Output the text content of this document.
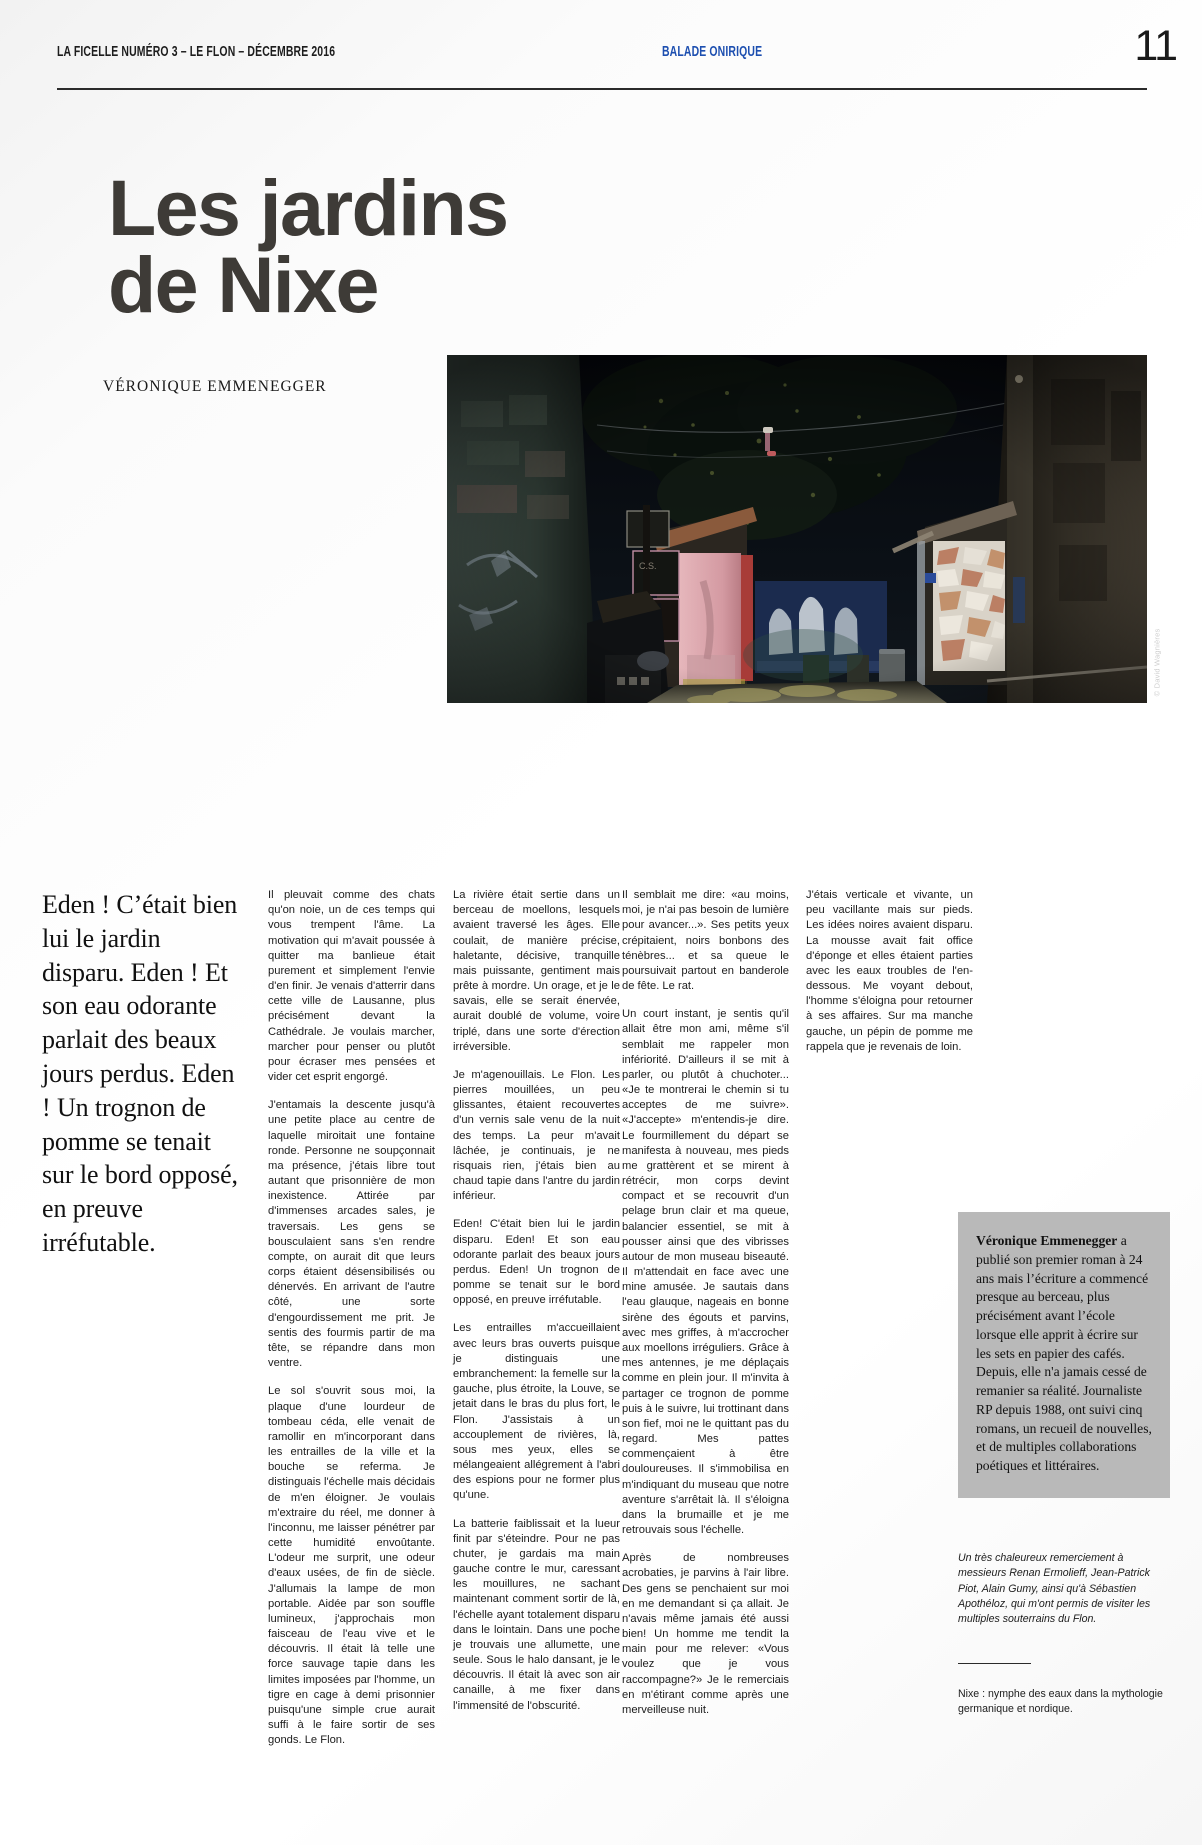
LA FICELLE NUMÉRO 3 – LE FLON – DÉCEMBRE 2016	BALADE ONIRIQUE	11
Les jardins
de Nixe
VÉRONIQUE EMMENEGGER
© David Wagnières
Eden ! C’était bien lui le jardin disparu. Eden ! Et son eau odorante parlait des beaux jours perdus. Eden ! Un trognon de pomme se tenait sur le bord opposé, en preuve irréfutable.

Il pleuvait comme des chats qu'on noie, un de ces temps qui vous trempent l'âme. La motivation qui m'avait poussée à quitter ma banlieue était purement et simplement l'envie d'en finir. Je venais d'atterrir dans cette ville de Lausanne, plus précisément devant la Cathédrale. Je voulais marcher, marcher pour penser ou plutôt pour écraser mes pensées et vider cet esprit engorgé.

J'entamais la descente jusqu'à une petite place au centre de laquelle miroitait une fontaine ronde. Personne ne soupçonnait ma présence, j'étais libre tout autant que prisonnière de mon inexistence. Attirée par d'immenses arcades sales, je traversais. Les gens se bousculaient sans s'en rendre compte, on aurait dit que leurs corps étaient désensibilisés ou dénervés. En arrivant de l'autre côté, une sorte d'engourdissement me prit. Je sentis des fourmis partir de ma tête, se répandre dans mon ventre.

Le sol s'ouvrit sous moi, la plaque d'une lourdeur de tombeau céda, elle venait de ramollir en m'incorporant dans les entrailles de la ville et la bouche se referma. Je distinguais l'échelle mais décidais de m'en éloigner. Je voulais m'extraire du réel, me donner à l'inconnu, me laisser pénétrer par cette humidité envoûtante. L'odeur me surprit, une odeur d'eaux usées, de fin de siècle. J'allumais la lampe de mon portable. Aidée par son souffle lumineux, j'approchais mon faisceau de l'eau vive et le découvris. Il était là telle une force sauvage tapie dans les limites imposées par l'homme, un tigre en cage à demi prisonnier puisqu'une simple crue aurait suffi à le faire sortir de ses gonds. Le Flon.

La rivière était sertie dans un berceau de moellons, lesquels avaient traversé les âges. Elle coulait, de manière précise, haletante, décisive, tranquille mais puissante, gentiment mais prête à mordre. Un orage, et je le savais, elle se serait énervée, aurait doublé de volume, voire triplé, dans une sorte d'érection irréversible.

Je m'agenouillais. Le Flon. Les pierres mouillées, un peu glissantes, étaient recouvertes d'un vernis sale venu de la nuit des temps. La peur m'avait lâchée, je continuais, je ne risquais rien, j'étais bien au chaud tapie dans l'antre du jardin inférieur.

Eden! C'était bien lui le jardin disparu. Eden! Et son eau odorante parlait des beaux jours perdus. Eden! Un trognon de pomme se tenait sur le bord opposé, en preuve irréfutable.

Les entrailles m'accueillaient avec leurs bras ouverts puisque je distinguais une embranchement: la femelle sur la gauche, plus étroite, la Louve, se jetait dans le bras du plus fort, le Flon. J'assistais à un accouplement de rivières, là, sous mes yeux, elles se mélangeaient allégrement à l'abri des espions pour ne former plus qu'une.

La batterie faiblissait et la lueur finit par s'éteindre. Pour ne pas chuter, je gardais ma main gauche contre le mur, caressant les mouillures, ne sachant maintenant comment sortir de là, l'échelle ayant totalement disparu dans le lointain. Dans une poche je trouvais une allumette, une seule. Sous le halo dansant, je le découvris. Il était là avec son air canaille, à me fixer dans l'immensité de l'obscurité.

Il semblait me dire: «au moins, moi, je n'ai pas besoin de lumière pour avancer...». Ses petits yeux crépitaient, noirs bonbons des ténèbres... et sa queue le poursuivait partout en banderole de fête. Le rat.

Un court instant, je sentis qu'il allait être mon ami, même s'il semblait me rappeler mon infériorité. D'ailleurs il se mit à parler, ou plutôt à chuchoter... «Je te montrerai le chemin si tu acceptes de me suivre». «J'accepte» m'entendis-je dire. Le fourmillement du départ se manifesta à nouveau, mes pieds me grattèrent et se mirent à rétrécir, mon corps devint compact et se recouvrit d'un pelage brun clair et ma queue, balancier essentiel, se mit à pousser ainsi que des vibrisses autour de mon museau biseauté. Il m'attendait en face avec une mine amusée. Je sautais dans l'eau glauque, nageais en bonne sirène des égouts et parvins, avec mes griffes, à m'accrocher aux moellons irréguliers. Grâce à mes antennes, je me déplaçais comme en plein jour. Il m'invita à partager ce trognon de pomme puis à le suivre, lui trottinant dans son fief, moi ne le quittant pas du regard. Mes pattes commençaient à être douloureuses. Il s'immobilisa en m'indiquant du museau que notre aventure s'arrêtait là. Il s'éloigna dans la brumaille et je me retrouvais sous l'échelle.

Après de nombreuses acrobaties, je parvins à l'air libre. Des gens se penchaient sur moi en me demandant si ça allait. Je n'avais même jamais été aussi bien! Un homme me tendit la main pour me relever: «Vous voulez que je vous raccompagne?» Je le remerciais en m'étirant comme après une merveilleuse nuit.

J'étais verticale et vivante, un peu vacillante mais sur pieds. Les idées noires avaient disparu. La mousse avait fait office d'éponge et elles étaient parties avec les eaux troubles de l'en-dessous. Me voyant debout, l'homme s'éloigna pour retourner à ses affaires. Sur ma manche gauche, un pépin de pomme me rappela que je revenais de loin.

Véronique Emmenegger a publié son premier roman à 24 ans mais l’écriture a commencé presque au berceau, plus précisément avant l’école lorsque elle apprit à écrire sur les sets en papier des cafés. Depuis, elle n'a jamais cessé de remanier sa réalité. Journaliste RP depuis 1988, ont suivi cinq romans, un recueil de nouvelles, et de multiples collaborations poétiques et littéraires.
Un très chaleureux remerciement à messieurs Renan Ermolieff, Jean-Patrick Piot, Alain Gumy, ainsi qu'à Sébastien Apothéloz, qui m'ont permis de visiter les multiples souterrains du Flon.
Nixe : nymphe des eaux dans la mythologie germanique et nordique.
